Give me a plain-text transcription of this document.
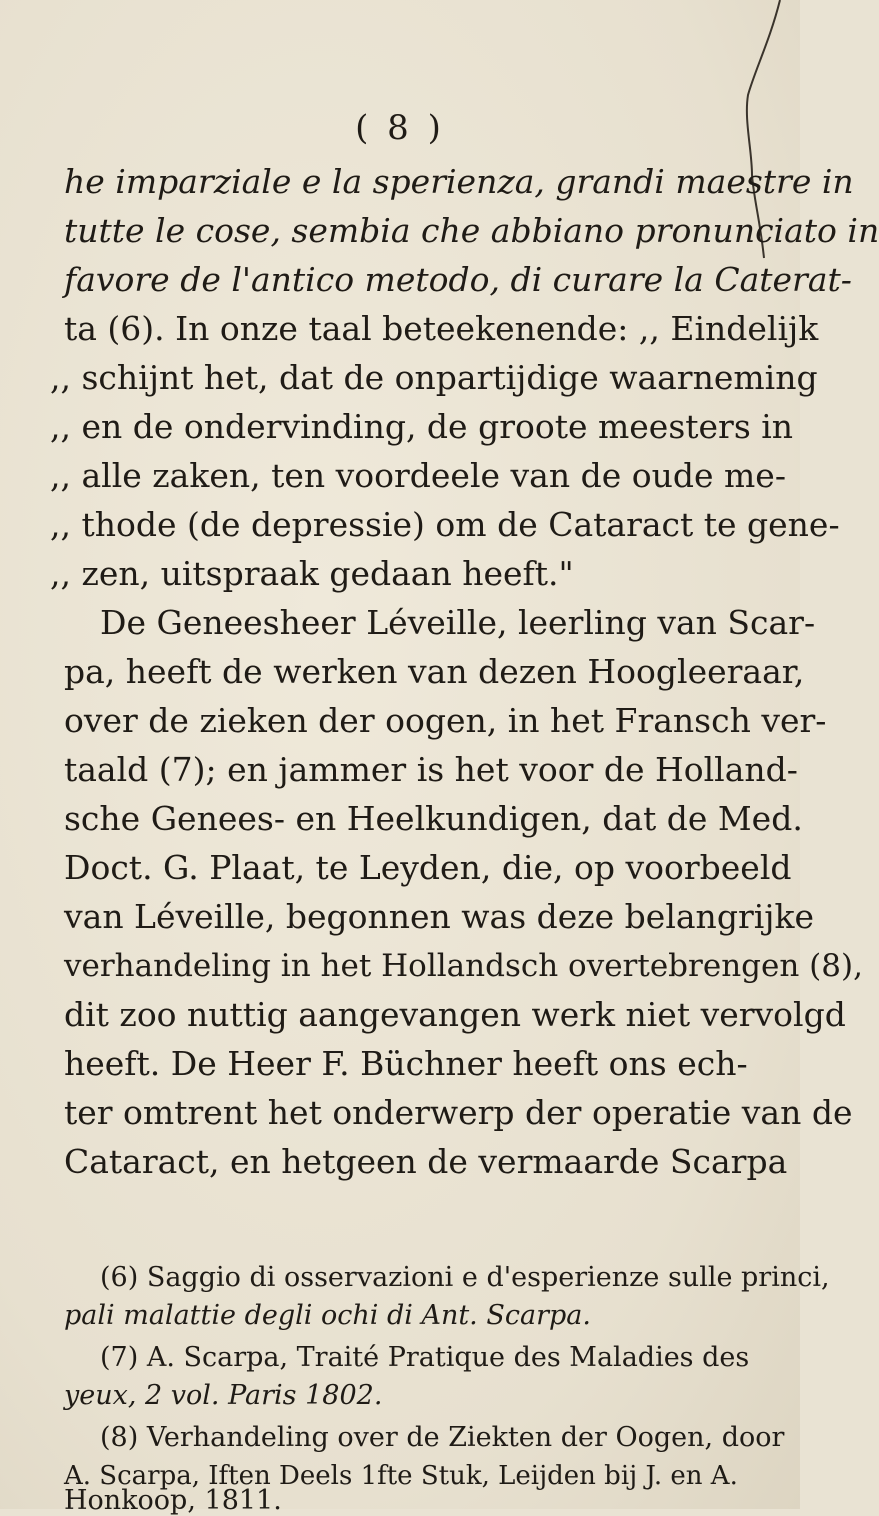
( 8 )
he imparziale e la sperienza, grandi maestre in
tutte le cose, sembia che abbiano pronunciato in
favore de l'antico metodo, di curare la Caterat-
ta (6). In onze taal beteekenende: ,, Eindelijk
,, schijnt het, dat de onpartijdige waarneming
,, en de ondervinding, de groote meesters in
,, alle zaken, ten voordeele van de oude me-
,, thode (de depressie) om de Cataract te gene-
,, zen, uitspraak gedaan heeft."
De Geneesheer Léveille, leerling van Scar-
pa, heeft de werken van dezen Hoogleeraar,
over de zieken der oogen, in het Fransch ver-
taald (7); en jammer is het voor de Holland-
sche Genees- en Heelkundigen, dat de Med.
Doct. G. Plaat, te Leyden, die, op voorbeeld
van Léveille, begonnen was deze belangrijke
verhandeling in het Hollandsch overtebrengen (8),
dit zoo nuttig aangevangen werk niet vervolgd
heeft. De Heer F. Büchner heeft ons ech-
ter omtrent het onderwerp der operatie van de
Cataract, en hetgeen de vermaarde Scarpa
(6) Saggio di osservazioni e d'esperienze sulle princi,
pali malattie degli ochi di Ant. Scarpa.
(7) A. Scarpa, Traité Pratique des Maladies des
yeux, 2 vol. Paris 1802.
(8) Verhandeling over de Ziekten der Oogen, door
A. Scarpa, Iften Deels 1fte Stuk, Leijden bij J. en A.
Honkoop, 1811.
